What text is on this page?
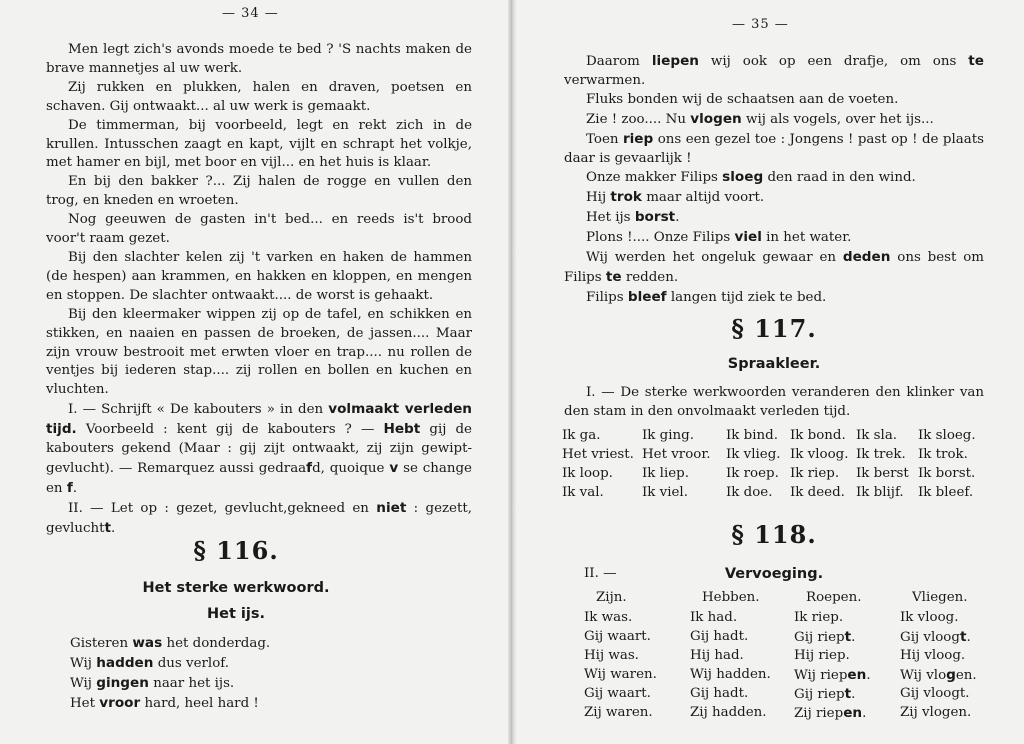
— 34 —

Men legt zich's avonds moede te bed ? 'S nachts maken de brave mannetjes al uw werk.

Zij rukken en plukken, halen en draven, poetsen en schaven. Gij ontwaakt... al uw werk is gemaakt.

De timmerman, bij voorbeeld, legt en rekt zich in de krullen. Intusschen zaagt en kapt, vijlt en schrapt het volkje, met hamer en bijl, met boor en vijl... en het huis is klaar.

En bij den bakker ?... Zij halen de rogge en vullen den trog, en kneden en wroeten.

Nog geeuwen de gasten in't bed... en reeds is't brood voor't raam gezet.

Bij den slachter kelen zij 't varken en haken de hammen (de hespen) aan krammen, en hakken en kloppen, en mengen en stoppen. De slachter ontwaakt.... de worst is gehaakt.

Bij den kleermaker wippen zij op de tafel, en schikken en stikken, en naaien en passen de broeken, de jassen.... Maar zijn vrouw bestrooit met erwten vloer en trap.... nu rollen de ventjes bij iederen stap.... zij rollen en bollen en kuchen en vluchten.

I. — Schrijft « De kabouters » in den volmaakt verleden tijd. Voorbeeld : kent gij de kabouters ? — Hebt gij de kabouters gekend (Maar : gij zijt ontwaakt, zij zijn gewipt-gevlucht). — Remarquez aussi gedraafd, quoique v se change en f.

II. — Let op : gezet, gevlucht,gekneed en niet : gezett, gevluchtt.

§ 116.
Het sterke werkwoord.
Het ijs.

Gisteren was het donderdag.

Wij hadden dus verlof.

Wij gingen naar het ijs.

Het vroor hard, heel hard !

— 35 —

Daarom liepen wij ook op een drafje, om ons te verwarmen.

Fluks bonden wij de schaatsen aan de voeten.

Zie ! zoo.... Nu vlogen wij als vogels, over het ijs...

Toen riep ons een gezel toe : Jongens ! past op ! de plaats daar is gevaarlijk !

Onze makker Filips sloeg den raad in den wind.

Hij trok maar altijd voort.

Het ijs borst.

Plons !.... Onze Filips viel in het water.

Wij werden het ongeluk gewaar en deden ons best om Filips te redden.

Filips bleef langen tijd ziek te bed.

§ 117.
Spraakleer.

I. — De sterke werkwoorden veranderen den klinker van den stam in den onvolmaakt verleden tijd.

Ik ga.	Ik ging. Ik bind. Ik bond. Ik sla. Ik sloeg.
Het vriest. Het vroor. Ik vlieg. Ik vloog. Ik trek. Ik trok.
Ik loop. Ik liep.	Ik roep. Ik riep. Ik berst Ik borst.
Ik val.	Ik viel.	Ik doe. Ik deed. Ik blijf. Ik bleef.
§ 118.
II. —	Vervoeging.
Zijn.	Hebben.	Roepen.	Vliegen.
Ik was.	Ik had.	Ik riep.	Ik vloog.
Gij waart.	Gij hadt.	Gij riept.	Gij vloogt.
Hij was.	Hij had.	Hij riep.	Hij vloog.
Wij waren. Wij hadden. Wij riepen. Wij vlogen.
Gij waart.	Gij hadt.	Gij riept.	Gij vloogt.
Zij waren.	Zij hadden. Zij riepen.	Zij vlogen.
